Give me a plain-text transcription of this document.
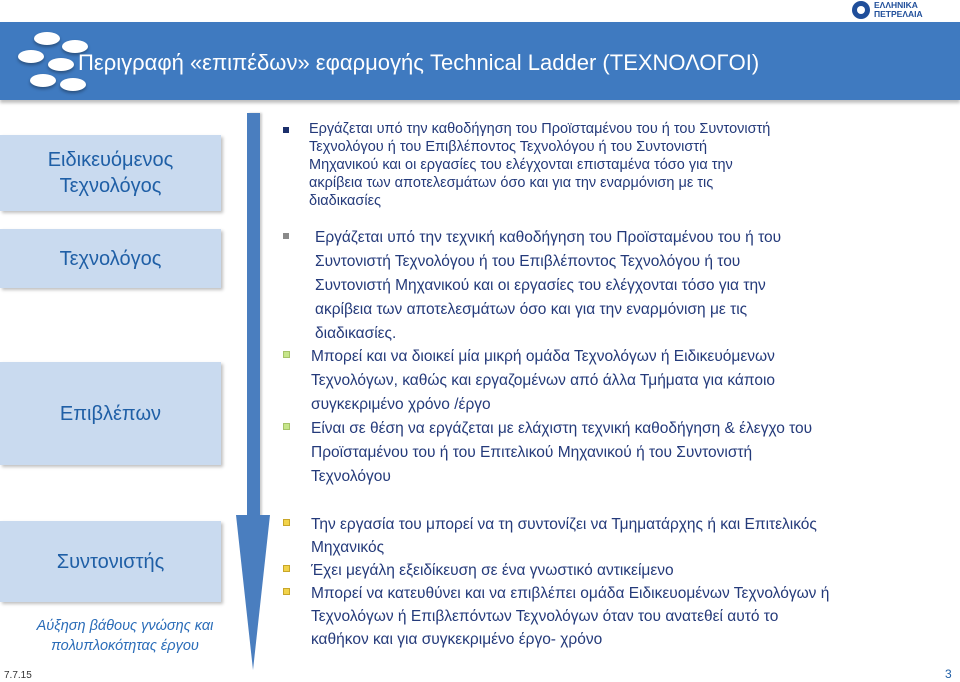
ΕΛΛΗΝΙΚΑ
ΠΕΤΡΕΛΑΙΑ
Περιγραφή «επιπέδων» εφαρμογής Technical Ladder (ΤΕΧΝΟΛΟΓΟΙ)
Ειδικευόμενος
Τεχνολόγος
Τεχνολόγος
Επιβλέπων
Συντονιστής
Αύξηση βάθους γνώσης και
πολυπλοκότητας έργου
Εργάζεται υπό την καθοδήγηση του Προϊσταμένου του ή του Συντονιστή
Τεχνολόγου ή του Επιβλέποντος Τεχνολόγου ή του Συντονιστή
Μηχανικού και οι εργασίες του ελέγχονται επισταμένα τόσο για την
ακρίβεια των αποτελεσμάτων όσο και για την εναρμόνιση με τις
διαδικασίες
Εργάζεται υπό την τεχνική καθοδήγηση του Προϊσταμένου του ή του
Συντονιστή Τεχνολόγου ή του Επιβλέποντος Τεχνολόγου ή του
Συντονιστή Μηχανικού και οι εργασίες του ελέγχονται τόσο για την
ακρίβεια των αποτελεσμάτων όσο και για την εναρμόνιση με τις
διαδικασίες.
Μπορεί και να διοικεί μία μικρή ομάδα Τεχνολόγων ή Ειδικευόμενων
Τεχνολόγων, καθώς και εργαζομένων από άλλα Τμήματα για κάποιο
συγκεκριμένο χρόνο /έργο
Είναι σε θέση να εργάζεται με ελάχιστη τεχνική καθοδήγηση & έλεγχο του
Προϊσταμένου του ή του Επιτελικού Μηχανικού ή του Συντονιστή
Τεχνολόγου
Την εργασία του μπορεί να τη συντονίζει να Τμηματάρχης ή και Επιτελικός
Μηχανικός
Έχει μεγάλη εξειδίκευση σε ένα γνωστικό αντικείμενο
Μπορεί να κατευθύνει και να επιβλέπει ομάδα Ειδικευομένων Τεχνολόγων ή
Τεχνολόγων ή Επιβλεπόντων Τεχνολόγων όταν του ανατεθεί αυτό το
καθήκον και για συγκεκριμένο έργο- χρόνο
7.7.15	3
